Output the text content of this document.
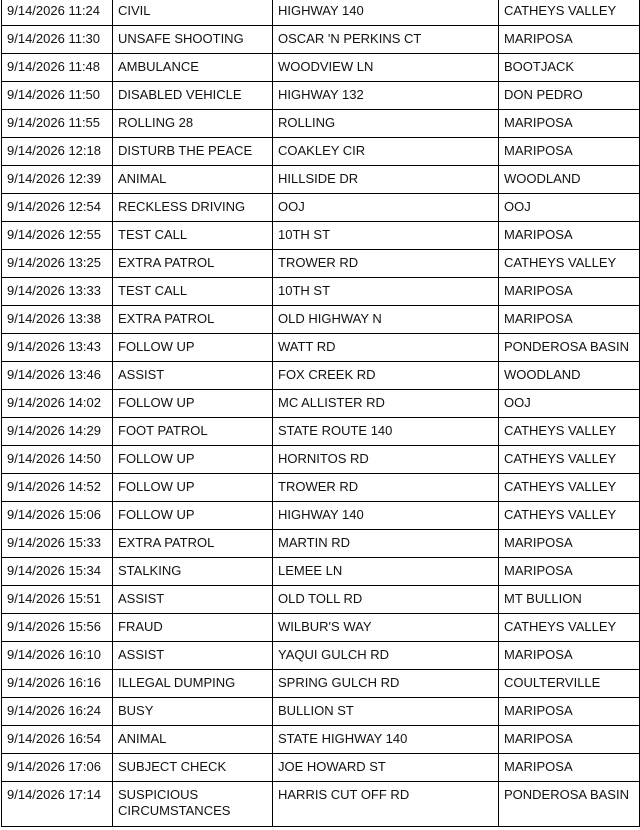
9/14/2026 11:24	CIVIL	HIGHWAY 140	CATHEYS VALLEY
9/14/2026 11:30	UNSAFE SHOOTING	OSCAR 'N PERKINS CT	MARIPOSA
9/14/2026 11:48	AMBULANCE	WOODVIEW LN	BOOTJACK
9/14/2026 11:50	DISABLED VEHICLE	HIGHWAY 132	DON PEDRO
9/14/2026 11:55	ROLLING 28	ROLLING	MARIPOSA
9/14/2026 12:18	DISTURB THE PEACE	COAKLEY CIR	MARIPOSA
9/14/2026 12:39	ANIMAL	HILLSIDE DR	WOODLAND
9/14/2026 12:54	RECKLESS DRIVING	OOJ	OOJ
9/14/2026 12:55	TEST CALL	10TH ST	MARIPOSA
9/14/2026 13:25	EXTRA PATROL	TROWER RD	CATHEYS VALLEY
9/14/2026 13:33	TEST CALL	10TH ST	MARIPOSA
9/14/2026 13:38	EXTRA PATROL	OLD HIGHWAY N	MARIPOSA
9/14/2026 13:43	FOLLOW UP	WATT RD	PONDEROSA BASIN
9/14/2026 13:46	ASSIST	FOX CREEK RD	WOODLAND
9/14/2026 14:02	FOLLOW UP	MC ALLISTER RD	OOJ
9/14/2026 14:29	FOOT PATROL	STATE ROUTE 140	CATHEYS VALLEY
9/14/2026 14:50	FOLLOW UP	HORNITOS RD	CATHEYS VALLEY
9/14/2026 14:52	FOLLOW UP	TROWER RD	CATHEYS VALLEY
9/14/2026 15:06	FOLLOW UP	HIGHWAY 140	CATHEYS VALLEY
9/14/2026 15:33	EXTRA PATROL	MARTIN RD	MARIPOSA
9/14/2026 15:34	STALKING	LEMEE LN	MARIPOSA
9/14/2026 15:51	ASSIST	OLD TOLL RD	MT BULLION
9/14/2026 15:56	FRAUD	WILBUR'S WAY	CATHEYS VALLEY
9/14/2026 16:10	ASSIST	YAQUI GULCH RD	MARIPOSA
9/14/2026 16:16	ILLEGAL DUMPING	SPRING GULCH RD	COULTERVILLE
9/14/2026 16:24	BUSY	BULLION ST	MARIPOSA
9/14/2026 16:54	ANIMAL	STATE HIGHWAY 140	MARIPOSA
9/14/2026 17:06	SUBJECT CHECK	JOE HOWARD ST	MARIPOSA
9/14/2026 17:14	SUSPICIOUS CIRCUMSTANCES	HARRIS CUT OFF RD	PONDEROSA BASIN
